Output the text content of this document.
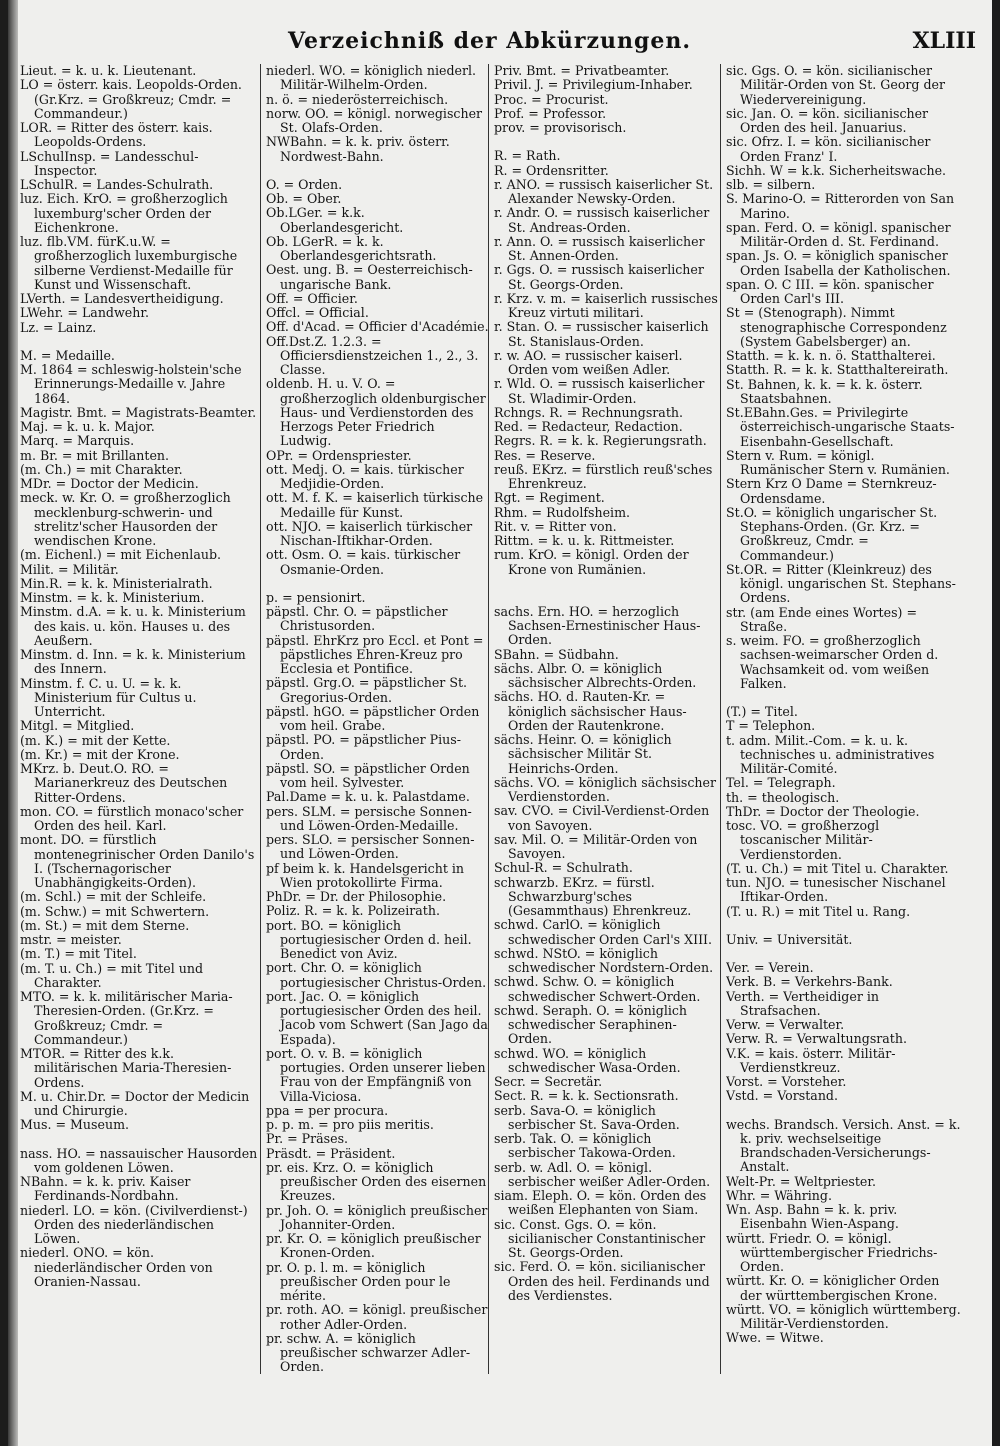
Verzeichniß der Abkürzungen.	XLIII

Lieut. = k. u. k. Lieutenant.

LO = österr. kais. Leopolds-Orden. (Gr.Krz. = Großkreuz; Cmdr. = Commandeur.)

LOR. = Ritter des österr. kais. Leopolds-Ordens.

LSchulInsp. = Landesschul-Inspector.

LSchulR. = Landes-Schulrath.

luz. Eich. KrO. = großherzoglich luxemburg'scher Orden der Eichenkrone.

luz. flb.VM. fürK.u.W. = großherzoglich luxemburgische silberne Verdienst-Medaille für Kunst und Wissenschaft.

LVerth. = Landesvertheidigung.

LWehr. = Landwehr.

Lz. = Lainz.

M. = Medaille.

M. 1864 = schleswig-holstein'sche Erinnerungs-Medaille v. Jahre 1864.

Magistr. Bmt. = Magistrats-Beamter.

Maj. = k. u. k. Major.

Marq. = Marquis.

m. Br. = mit Brillanten.

(m. Ch.) = mit Charakter.

MDr. = Doctor der Medicin.

meck. w. Kr. O. = großherzoglich mecklenburg-schwerin- und strelitz'scher Hausorden der wendischen Krone.

(m. Eichenl.) = mit Eichenlaub.

Milit. = Militär.

Min.R. = k. k. Ministerialrath.

Minstm. = k. k. Ministerium.

Minstm. d.A. = k. u. k. Ministerium des kais. u. kön. Hauses u. des Aeußern.

Minstm. d. Inn. = k. k. Ministerium des Innern.

Minstm. f. C. u. U. = k. k. Ministerium für Cultus u. Unterricht.

Mitgl. = Mitglied.

(m. K.) = mit der Kette.

(m. Kr.) = mit der Krone.

MKrz. b. Deut.O. RO. = Marianerkreuz des Deutschen Ritter-Ordens.

mon. CO. = fürstlich monaco'scher Orden des heil. Karl.

mont. DO. = fürstlich montenegrinischer Orden Danilo's I. (Tschernagorischer Unabhängigkeits-Orden).

(m. Schl.) = mit der Schleife.

(m. Schw.) = mit Schwertern.

(m. St.) = mit dem Sterne.

mstr. = meister.

(m. T.) = mit Titel.

(m. T. u. Ch.) = mit Titel und Charakter.

MTO. = k. k. militärischer Maria-Theresien-Orden. (Gr.Krz. = Großkreuz; Cmdr. = Commandeur.)

MTOR. = Ritter des k.k. militärischen Maria-Theresien-Ordens.

M. u. Chir.Dr. = Doctor der Medicin und Chirurgie.

Mus. = Museum.

nass. HO. = nassauischer Hausorden vom goldenen Löwen.

NBahn. = k. k. priv. Kaiser Ferdinands-Nordbahn.

niederl. LO. = kön. (Civilverdienst-) Orden des niederländischen Löwen.

niederl. ONO. = kön. niederländischer Orden von Oranien-Nassau.

niederl. WO. = königlich niederl. Militär-Wilhelm-Orden.

n. ö. = niederösterreichisch.

norw. OO. = königl. norwegischer St. Olafs-Orden.

NWBahn. = k. k. priv. österr. Nordwest-Bahn.

O. = Orden.

Ob. = Ober.

Ob.LGer. = k.k. Oberlandesgericht.

Ob. LGerR. = k. k. Oberlandesgerichtsrath.

Oest. ung. B. = Oesterreichisch-ungarische Bank.

Off. = Officier.

Offcl. = Official.

Off. d'Acad. = Officier d'Académie.

Off.Dst.Z. 1.2.3. = Officiersdienstzeichen 1., 2., 3. Classe.

oldenb. H. u. V. O. = großherzoglich oldenburgischer Haus- und Verdienstorden des Herzogs Peter Friedrich Ludwig.

OPr. = Ordenspriester.

ott. Medj. O. = kais. türkischer Medjidie-Orden.

ott. M. f. K. = kaiserlich türkische Medaille für Kunst.

ott. NJO. = kaiserlich türkischer Nischan-Iftikhar-Orden.

ott. Osm. O. = kais. türkischer Osmanie-Orden.

p. = pensionirt.

päpstl. Chr. O. = päpstlicher Christusorden.

päpstl. EhrKrz pro Eccl. et Pont = päpstliches Ehren-Kreuz pro Ecclesia et Pontifice.

päpstl. Grg.O. = päpstlicher St. Gregorius-Orden.

päpstl. hGO. = päpstlicher Orden vom heil. Grabe.

päpstl. PO. = päpstlicher Pius-Orden.

päpstl. SO. = päpstlicher Orden vom heil. Sylvester.

Pal.Dame = k. u. k. Palastdame.

pers. SLM. = persische Sonnen- und Löwen-Orden-Medaille.

pers. SLO. = persischer Sonnen- und Löwen-Orden.

pf beim k. k. Handelsgericht in Wien protokollirte Firma.

PhDr. = Dr. der Philosophie.

Poliz. R. = k. k. Polizeirath.

port. BO. = königlich portugiesischer Orden d. heil. Benedict von Aviz.

port. Chr. O. = königlich portugiesischer Christus-Orden.

port. Jac. O. = königlich portugiesischer Orden des heil. Jacob vom Schwert (San Jago da Espada).

port. O. v. B. = königlich portugies. Orden unserer lieben Frau von der Empfängniß von Villa-Viciosa.

ppa = per procura.

p. p. m. = pro piis meritis.

Pr. = Präses.

Präsdt. = Präsident.

pr. eis. Krz. O. = königlich preußischer Orden des eisernen Kreuzes.

pr. Joh. O. = königlich preußischer Johanniter-Orden.

pr. Kr. O. = königlich preußischer Kronen-Orden.

pr. O. p. l. m. = königlich preußischer Orden pour le mérite.

pr. roth. AO. = königl. preußischer rother Adler-Orden.

pr. schw. A. = königlich preußischer schwarzer Adler-Orden.

Priv. Bmt. = Privatbeamter.

Privil. J. = Privilegium-Inhaber.

Proc. = Procurist.

Prof. = Professor.

prov. = provisorisch.

R. = Rath.

R. = Ordensritter.

r. ANO. = russisch kaiserlicher St. Alexander Newsky-Orden.

r. Andr. O. = russisch kaiserlicher St. Andreas-Orden.

r. Ann. O. = russisch kaiserlicher St. Annen-Orden.

r. Ggs. O. = russisch kaiserlicher St. Georgs-Orden.

r. Krz. v. m. = kaiserlich russisches Kreuz virtuti militari.

r. Stan. O. = russischer kaiserlich St. Stanislaus-Orden.

r. w. AO. = russischer kaiserl. Orden vom weißen Adler.

r. Wld. O. = russisch kaiserlicher St. Wladimir-Orden.

Rchngs. R. = Rechnungsrath.

Red. = Redacteur, Redaction.

Regrs. R. = k. k. Regierungsrath.

Res. = Reserve.

reuß. EKrz. = fürstlich reuß'sches Ehrenkreuz.

Rgt. = Regiment.

Rhm. = Rudolfsheim.

Rit. v. = Ritter von.

Rittm. = k. u. k. Rittmeister.

rum. KrO. = königl. Orden der Krone von Rumänien.

sachs. Ern. HO. = herzoglich Sachsen-Ernestinischer Haus-Orden.

SBahn. = Südbahn.

sächs. Albr. O. = königlich sächsischer Albrechts-Orden.

sächs. HO. d. Rauten-Kr. = königlich sächsischer Haus-Orden der Rautenkrone.

sächs. Heinr. O. = königlich sächsischer Militär St. Heinrichs-Orden.

sächs. VO. = königlich sächsischer Verdienstorden.

sav. CVO. = Civil-Verdienst-Orden von Savoyen.

sav. Mil. O. = Militär-Orden von Savoyen.

Schul-R. = Schulrath.

schwarzb. EKrz. = fürstl. Schwarzburg'sches (Gesammthaus) Ehrenkreuz.

schwd. CarlO. = königlich schwedischer Orden Carl's XIII.

schwd. NStO. = königlich schwedischer Nordstern-Orden.

schwd. Schw. O. = königlich schwedischer Schwert-Orden.

schwd. Seraph. O. = königlich schwedischer Seraphinen-Orden.

schwd. WO. = königlich schwedischer Wasa-Orden.

Secr. = Secretär.

Sect. R. = k. k. Sectionsrath.

serb. Sava-O. = königlich serbischer St. Sava-Orden.

serb. Tak. O. = königlich serbischer Takowa-Orden.

serb. w. Adl. O. = königl. serbischer weißer Adler-Orden.

siam. Eleph. O. = kön. Orden des weißen Elephanten von Siam.

sic. Const. Ggs. O. = kön. sicilianischer Constantinischer St. Georgs-Orden.

sic. Ferd. O. = kön. sicilianischer Orden des heil. Ferdinands und des Verdienstes.

sic. Ggs. O. = kön. sicilianischer Militär-Orden von St. Georg der Wiedervereinigung.

sic. Jan. O. = kön. sicilianischer Orden des heil. Januarius.

sic. Ofrz. I. = kön. sicilianischer Orden Franz' I.

Sichh. W = k.k. Sicherheitswache.

slb. = silbern.

S. Marino-O. = Ritterorden von San Marino.

span. Ferd. O. = königl. spanischer Militär-Orden d. St. Ferdinand.

span. Js. O. = königlich spanischer Orden Isabella der Katholischen.

span. O. C III. = kön. spanischer Orden Carl's III.

St = (Stenograph). Nimmt stenographische Correspondenz (System Gabelsberger) an.

Statth. = k. k. n. ö. Statthalterei.

Statth. R. = k. k. Statthaltereirath.

St. Bahnen, k. k. = k. k. österr. Staatsbahnen.

St.EBahn.Ges. = Privilegirte österreichisch-ungarische Staats-Eisenbahn-Gesellschaft.

Stern v. Rum. = königl. Rumänischer Stern v. Rumänien.

Stern Krz O Dame = Sternkreuz-Ordensdame.

St.O. = königlich ungarischer St. Stephans-Orden. (Gr. Krz. = Großkreuz, Cmdr. = Commandeur.)

St.OR. = Ritter (Kleinkreuz) des königl. ungarischen St. Stephans-Ordens.

str. (am Ende eines Wortes) = Straße.

s. weim. FO. = großherzoglich sachsen-weimarscher Orden d. Wachsamkeit od. vom weißen Falken.

(T.) = Titel.

T = Telephon.

t. adm. Milit.-Com. = k. u. k. technisches u. administratives Militär-Comité.

Tel. = Telegraph.

th. = theologisch.

ThDr. = Doctor der Theologie.

tosc. VO. = großherzogl toscanischer Militär-Verdienstorden.

(T. u. Ch.) = mit Titel u. Charakter.

tun. NJO. = tunesischer Nischanel Iftikar-Orden.

(T. u. R.) = mit Titel u. Rang.

Univ. = Universität.

Ver. = Verein.

Verk. B. = Verkehrs-Bank.

Verth. = Vertheidiger in Strafsachen.

Verw. = Verwalter.

Verw. R. = Verwaltungsrath.

V.K. = kais. österr. Militär-Verdienstkreuz.

Vorst. = Vorsteher.

Vstd. = Vorstand.

wechs. Brandsch. Versich. Anst. = k. k. priv. wechselseitige Brandschaden-Versicherungs-Anstalt.

Welt-Pr. = Weltpriester.

Whr. = Währing.

Wn. Asp. Bahn = k. k. priv. Eisenbahn Wien-Aspang.

württ. Friedr. O. = königl. württembergischer Friedrichs-Orden.

württ. Kr. O. = königlicher Orden der württembergischen Krone.

württ. VO. = königlich württemberg. Militär-Verdienstorden.

Wwe. = Witwe.
